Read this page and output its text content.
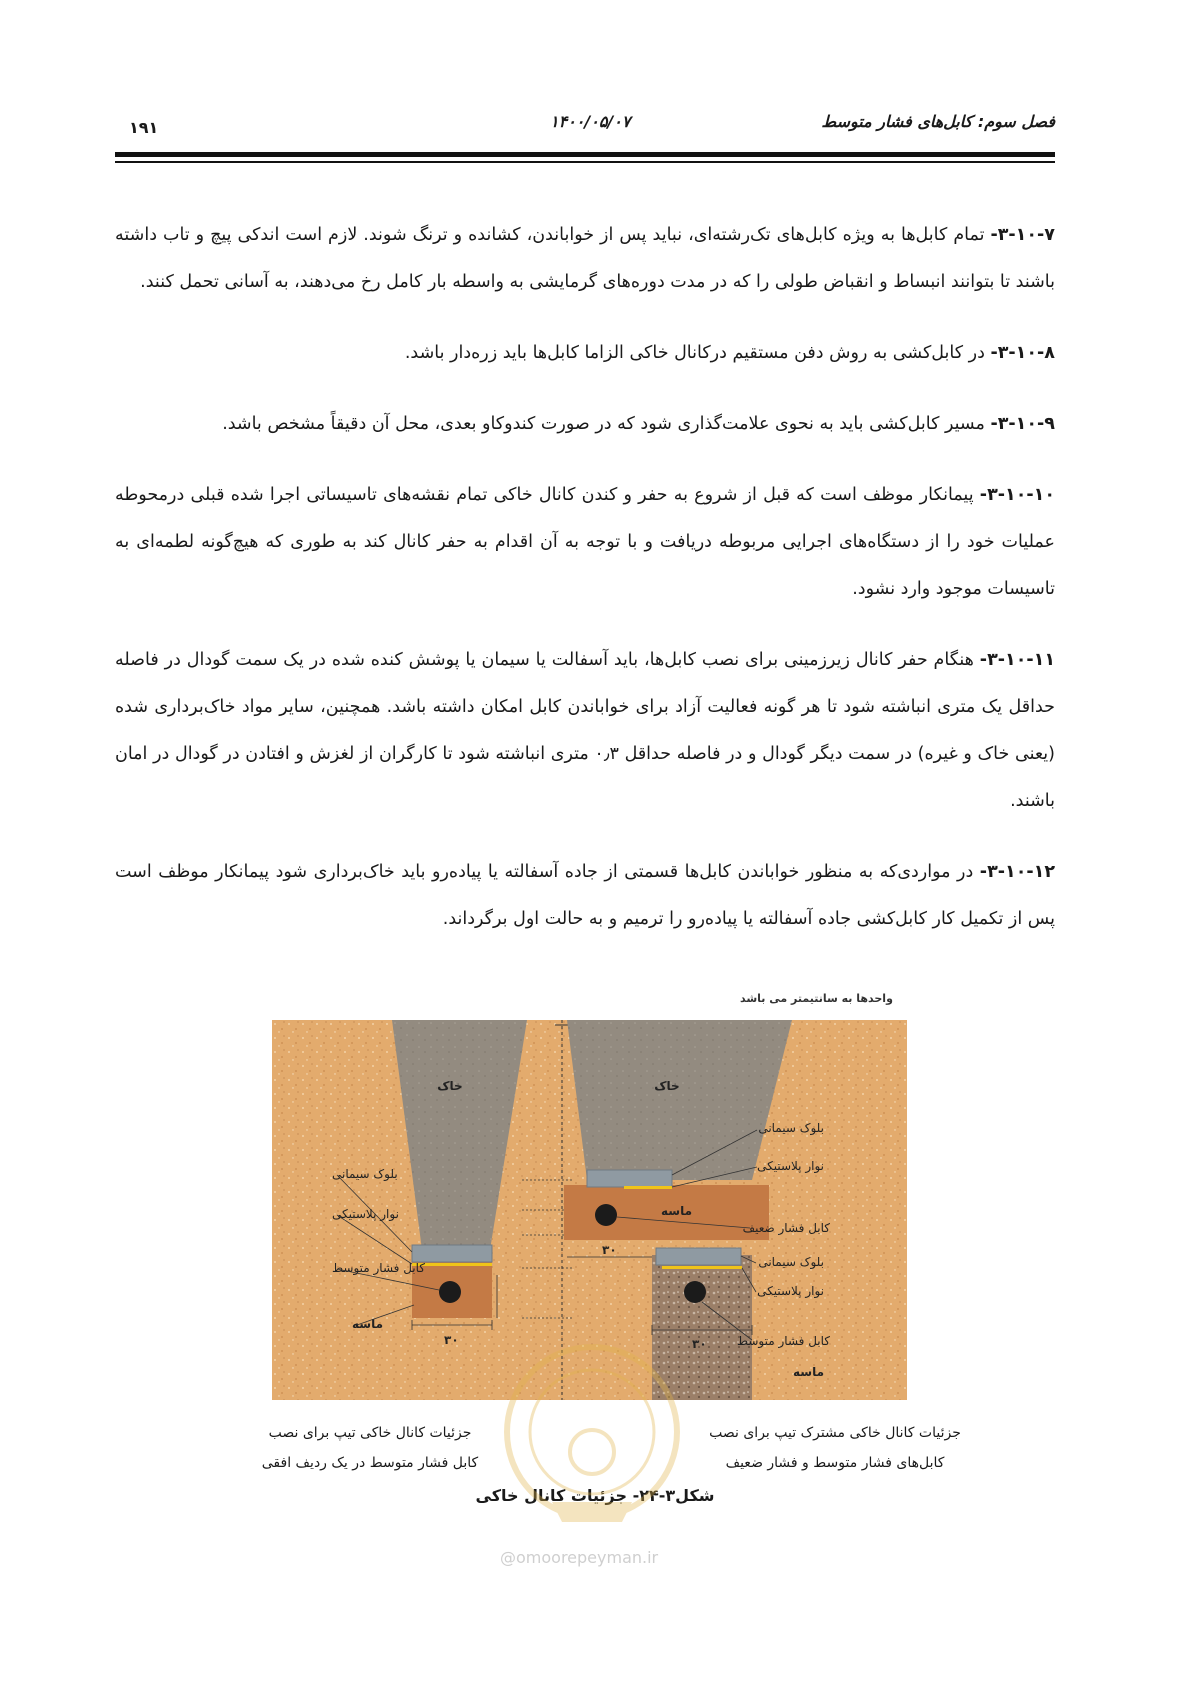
فصل سوم: کابل‌های فشار متوسط
۱۴۰۰/۰۵/۰۷
۱۹۱

۳-۱۰-۷- تمام کابل‌ها به ویژه کابل‌های تک‌رشته‌ای، نباید پس از خواباندن، کشانده و ترنگ شوند. لازم است اندکی پیچ و تاب داشته باشند تا بتوانند انبساط و انقباض طولی را که در مدت دوره‌های گرمایشی به واسطه بار کامل رخ می‌دهند، به آسانی تحمل کنند.

۳-۱۰-۸- در کابل‌کشی به روش دفن مستقیم درکانال خاکی الزاما کابل‌ها باید زره‌دار باشد.

۳-۱۰-۹- مسیر کابل‌کشی باید به نحوی علامت‌گذاری شود که در صورت کندوکاو بعدی، محل آن دقیقاً مشخص باشد.

۳-۱۰-۱۰- پیمانکار موظف است که قبل از شروع به حفر و کندن کانال خاکی تمام نقشه‌های تاسیساتی اجرا شده قبلی درمحوطه عملیات خود را از دستگاه‌های اجرایی مربوطه دریافت و با توجه به آن اقدام به حفر کانال کند به طوری که هیچ‌گونه لطمه‌ای به تاسیسات موجود وارد نشود.

۳-۱۰-۱۱- هنگام حفر کانال زیرزمینی برای نصب کابل‌ها، باید آسفالت یا سیمان یا پوشش کنده شده در یک سمت گودال در فاصله حداقل یک متری انباشته شود تا هر گونه فعالیت آزاد برای خواباندن کابل امکان داشته باشد. همچنین، سایر مواد خاک‌برداری شده (یعنی خاک و غیره) در سمت دیگر گودال و در فاصله حداقل ۰٫۳ متری انباشته شود تا کارگران از لغزش و افتادن در گودال در امان باشند.

۳-۱۰-۱۲- در مواردی‌که به منظور خواباندن کابل‌ها قسمتی از جاده آسفالته یا پیاده‌رو باید خاک‌برداری شود پیمانکار موظف است پس از تکمیل کار کابل‌کشی جاده آسفالته یا پیاده‌رو را ترمیم و به حالت اول برگرداند.

واحدها به سانتیمتر می باشد
۳۰
۳۰
۳۰
خاک
بلوک سیمانی
نوار پلاستیکی
کابل فشار متوسط
ماسه
خاک
بلوک سیمانی
نوار پلاستیکی
ماسه
کابل فشار ضعیف
بلوک سیمانی
نوار پلاستیکی
کابل فشار متوسط
ماسه
جزئیات کانال خاکی تیپ برای نصب
کابل فشار متوسط در یک ردیف افقی
جزئیات کانال خاکی مشترک تیپ برای نصب
کابل‌های فشار متوسط و فشار ضعیف
شکل۳-۲۴- جزئیات کانال خاکی
@omoorepeyman.ir
